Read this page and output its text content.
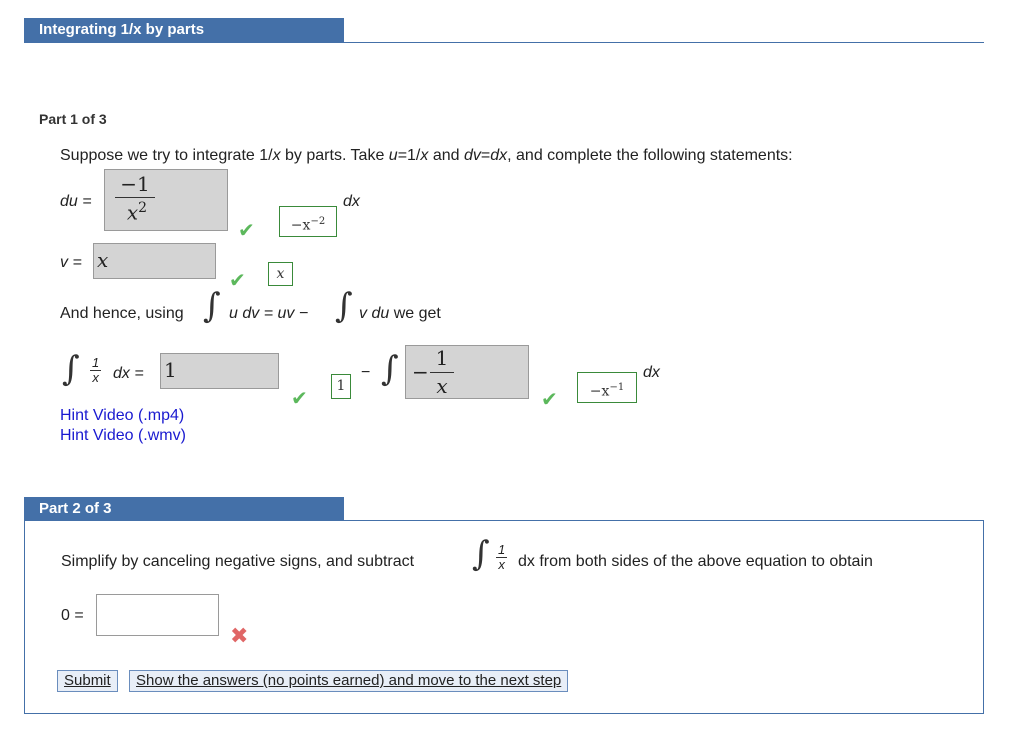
Integrating 1/x by parts
Part 1 of 3
Suppose we try to integrate 1/x by parts. Take u=1/x and dv=dx, and complete the following statements:
du =
−1
$x^2$
✔	$-x^{-2}$
dx
v = x
✔	x
And hence, using ∫ u dv = uv − ∫ v du we get
∫ $\frac{1}{x}$ dx = 1
✔
1
− ∫ −
1
x
✔	$-x^{-1}$
dx
Hint Video (.mp4)
Hint Video (.wmv)
Part 2 of 3
Simplify by canceling negative signs, and subtract ∫ $\frac{1}{x}$ dx from both sides of the above equation to obtain
0 =
✖
Submit	Show the answers (no points earned) and move to the next step
